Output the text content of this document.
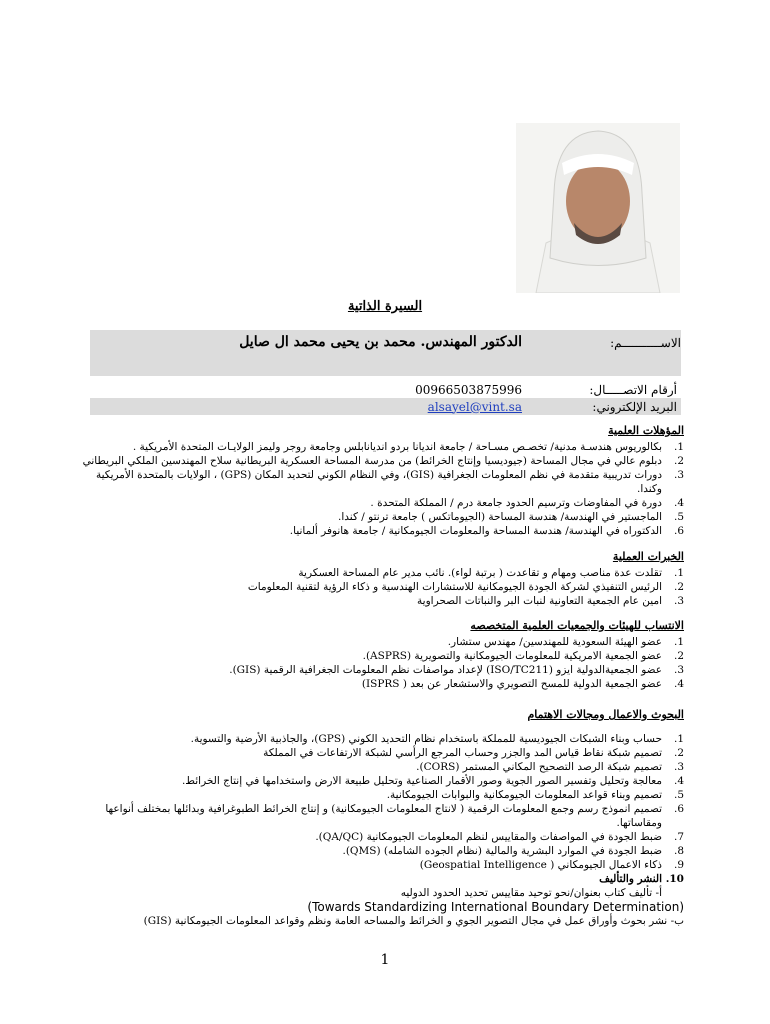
السيرة الذاتية
الاســـــــــــم:
الدكتور المهندس. محمد بن يحيى محمد ال صايل
أرقام الاتصـــــال:
00966503875996
البريد الإلكتروني:
alsayel@vint.sa
المؤهلات العلمية
1.
بكالوريوس هندسـة مدنية/ تخصـص مسـاحة / جامعة انديانا بردو انديانابلس وجامعة روجر وليمز الولايـات المتحدة الأمريكية .
2.
دبلوم عالي في مجال المساحة (جيوديسيا وإنتاج الخرائط) من مدرسة المساحة العسكرية البريطانية سلاح المهندسين الملكي البريطاني
3.
دورات تدريبية متقدمة في نظم المعلومات الجغرافية (GIS)، وفي النظام الكوني لتحديد المكان (GPS) ، الولايات بالمتحدة الأمريكية وكندا.
4.
دورة في المفاوضات وترسيم الحدود جامعة درم / المملكة المتحدة .
5.
الماجستير في الهندسة/ هندسة المساحة (الجيوماتكس ) جامعة ترنتو / كندا.
6.
الدكتوراه في الهندسة/ هندسة المساحة والمعلومات الجيومكانية / جامعة هانوفر ألمانيا.
الخبرات العملية
1.
تقلدت عدة مناصب ومهام و تقاعدت ( برتبة لواء). نائب مدير عام المساحة العسكرية
2.
الرئيس التنفيذي لشركة الجودة الجيومكانية للاستشارات الهندسية و ذكاء الرؤية لتقنية المعلومات
3.
امين عام الجمعية التعاونية لنبات البر والنباتات الصحراوية
الانتساب للهيئات والجمعيات العلمية المتخصصه
1.
عضو الهيئة السعودية للمهندسين/ مهندس ستشار.
2.
عضو الجمعية الامريكية للمعلومات الجيومكانية والتصويرية (ASPRS).
3.
عضو الجمعيةالدولية ايزو (ISO/TC211) لإعداد مواصفات نظم المعلومات الجغرافية الرقمية (GIS).
4.
عضو الجمعية الدولية للمسح التصويري والاستشعار عن بعد ( ISPRS)
البحوث والاعمال ومجالات الاهتمام
1.
حساب وبناء الشبكات الجيوديسية للمملكة باستخدام نظام التحديد الكوني (GPS)، والجاذبية الأرضية والتسوية.
2.
تصميم شبكة نقاط قياس المد والجزر وحساب المرجع الرأسي لشبكة الارتفاعات في المملكة
3.
تصميم شبكة الرصد التصحيح المكاني المستمر (CORS).
4.
معالجة وتحليل وتفسير الصور الجوية وصور الأقمار الصناعية وتحليل طبيعة الارض واستخدامها في إنتاج الخرائط.
5.
تصميم وبناء قواعد المعلومات الجيومكانية والبوابات الجيومكانية.
6.
تصميم انموذج رسم وجمع المعلومات الرقمية ( لانتاج المعلومات الجيومكانية) و إنتاج الخرائط الطبوغرافية وبدائلها بمختلف أنواعها ومقاساتها.
7.
ضبط الجودة في المواصفات والمقاييس لنظم المعلومات الجيومكانية (QA/QC).
8.
ضبط الجودة في الموارد البشرية والمالية (نظام الجوده الشامله) (QMS).
9.
ذكاء الاعمال الجيومكاني ( Geospatial Intelligence)
10.
النشر والتأليف
أ- تأليف كتاب بعنوان/نحو توحيد مقاييس تحديد الحدود الدوليه
(Towards Standardizing International Boundary Determination)
ب- نشر بحوث وأوراق عمل في مجال التصوير الجوي و الخرائط والمساحه العامة ونظم وقواعد المعلومات الجيومكانية (GIS)
1
